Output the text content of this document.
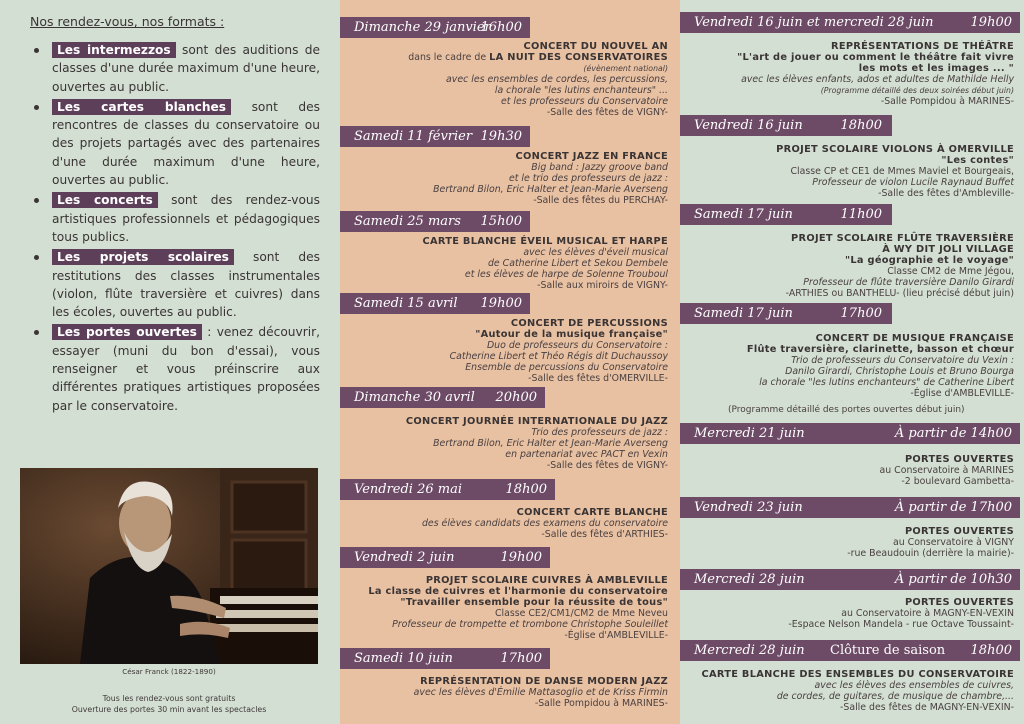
Nos rendez-vous, nos formats :

Les intermezzos sont des auditions de classes d'une durée maximum d'une heure, ouvertes au public.
Les cartes blanches sont des rencontres de classes du conservatoire ou des projets partagés avec des partenaires d'une durée maximum d'une heure, ouvertes au public.
Les concerts sont des rendez-vous artistiques professionnels et pédagogiques tous publics.
Les projets scolaires sont des restitutions des classes instrumentales (violon, flûte traversière et cuivres) dans les écoles, ouvertes au public.
Les portes ouvertes : venez découvrir, essayer (muni du bon d'essai), vous renseigner et vous préinscrire aux différentes pratiques artistiques proposées par le conservatoire.
César Franck (1822-1890)
Tous les rendez-vous sont gratuits
Ouverture des portes 30 min avant les spectacles
Dimanche 29 janvier
16h00
CONCERT DU NOUVEL AN
dans le cadre de LA NUIT DES CONSERVATOIRES
(évènement national)
avec les ensembles de cordes, les percussions,
la chorale "les lutins enchanteurs" ...
et les professeurs du Conservatoire
-Salle des fêtes de VIGNY-
Samedi 11 février 19h30
CONCERT JAZZ EN FRANCE
Big band : Jazzy groove band
et le trio des professeurs de jazz :
Bertrand Bilon, Eric Halter et Jean-Marie Averseng
-Salle des fêtes du PERCHAY-
Samedi 25 mars 15h00
CARTE BLANCHE ÉVEIL MUSICAL ET HARPE
avec les élèves d'éveil musical
de Catherine Libert et Sekou Dembele
et les élèves de harpe de Solenne Trouboul
-Salle aux miroirs de VIGNY-
Samedi 15 avril 19h00
CONCERT DE PERCUSSIONS
"Autour de la musique française"
Duo de professeurs du Conservatoire :
Catherine Libert et Théo Régis dit Duchaussoy
Ensemble de percussions du Conservatoire
-Salle des fêtes d'OMERVILLE-
Dimanche 30 avril 20h00
CONCERT JOURNÉE INTERNATIONALE DU JAZZ
Trio des professeurs de jazz :
Bertrand Bilon, Eric Halter et Jean-Marie Averseng
en partenariat avec PACT en Vexin
-Salle des fêtes de VIGNY-
Vendredi 26 mai	18h00
CONCERT CARTE BLANCHE
des élèves candidats des examens du conservatoire
-Salle des fêtes d'ARTHIES-
Vendredi 2 juin	19h00
PROJET SCOLAIRE CUIVRES À AMBLEVILLE
La classe de cuivres et l'harmonie du conservatoire
"Travailler ensemble pour la réussite de tous"
Classe CE2/CM1/CM2 de Mme Neveu
Professeur de trompette et trombone Christophe Souleillet
-Église d'AMBLEVILLE-
Samedi 10 juin	17h00
REPRÉSENTATION DE DANSE MODERN JAZZ
avec les élèves d'Émilie Mattasoglio et de Kriss Firmin
-Salle Pompidou à MARINES-
Vendredi 16 juin et mercredi 28 juin	19h00
REPRÉSENTATIONS DE THÉÂTRE
"L'art de jouer ou comment le théâtre fait vivre
les mots et les images ... "
avec les élèves enfants, ados et adultes de Mathilde Helly
(Programme détaillé des deux soirées début juin)
-Salle Pompidou à MARINES-
Vendredi 16 juin	18h00
PROJET SCOLAIRE VIOLONS À OMERVILLE
"Les contes"
Classe CP et CE1 de Mmes Maviel et Bourgeais,
Professeur de violon Lucile Raynaud Buffet
-Salle des fêtes d'Ambleville-
Samedi 17 juin	11h00
PROJET SCOLAIRE FLÛTE TRAVERSIÈRE
À WY DIT JOLI VILLAGE
"La géographie et le voyage"
Classe CM2 de Mme Jégou,
Professeur de flûte traversière Danilo Girardi
-ARTHIES ou BANTHELU- (lieu précisé début juin)
Samedi 17 juin	17h00
CONCERT DE MUSIQUE FRANÇAISE
Flûte traversière, clarinette, basson et chœur
Trio de professeurs du Conservatoire du Vexin :
Danilo Girardi, Christophe Louis et Bruno Bourga
la chorale "les lutins enchanteurs" de Catherine Libert
-Église d'AMBLEVILLE-
(Programme détaillé des portes ouvertes début juin)
Mercredi 21 juin	À partir de 14h00
PORTES OUVERTES
au Conservatoire à MARINES
-2 boulevard Gambetta-
Vendredi 23 juin	À partir de 17h00
PORTES OUVERTES
au Conservatoire à VIGNY
-rue Beaudouin (derrière la mairie)-
Mercredi 28 juin	À partir de 10h30
PORTES OUVERTES
au Conservatoire à MAGNY-EN-VEXIN
-Espace Nelson Mandela - rue Octave Toussaint-
Mercredi 28 juin Clôture de saison 18h00
CARTE BLANCHE DES ENSEMBLES DU CONSERVATOIRE
avec les élèves des ensembles de cuivres,
de cordes, de guitares, de musique de chambre,...
-Salle des fêtes de MAGNY-EN-VEXIN-
